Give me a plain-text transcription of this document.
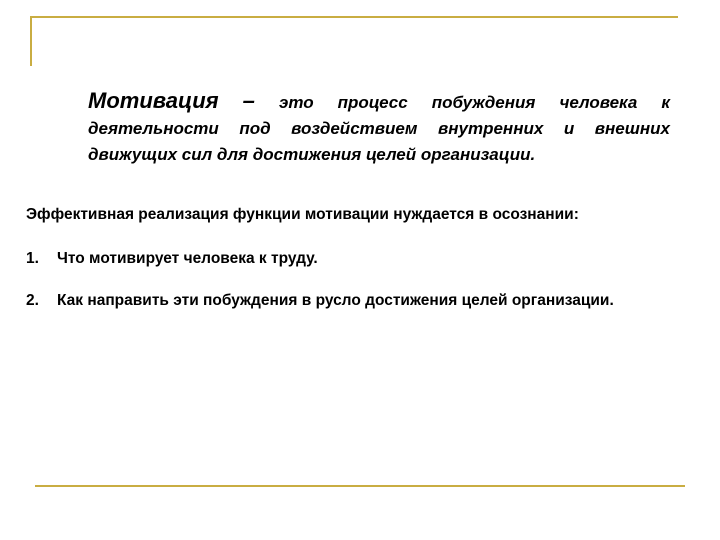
Мотивация – это процесс побуждения человека к деятельности под воздействием внутренних и внешних движущих сил для достижения целей организации.

Эффективная реализация функции мотивации нуждается в осознании:

1.	Что мотивирует человека к труду.
2.	Как направить эти побуждения в русло достижения целей организации.
